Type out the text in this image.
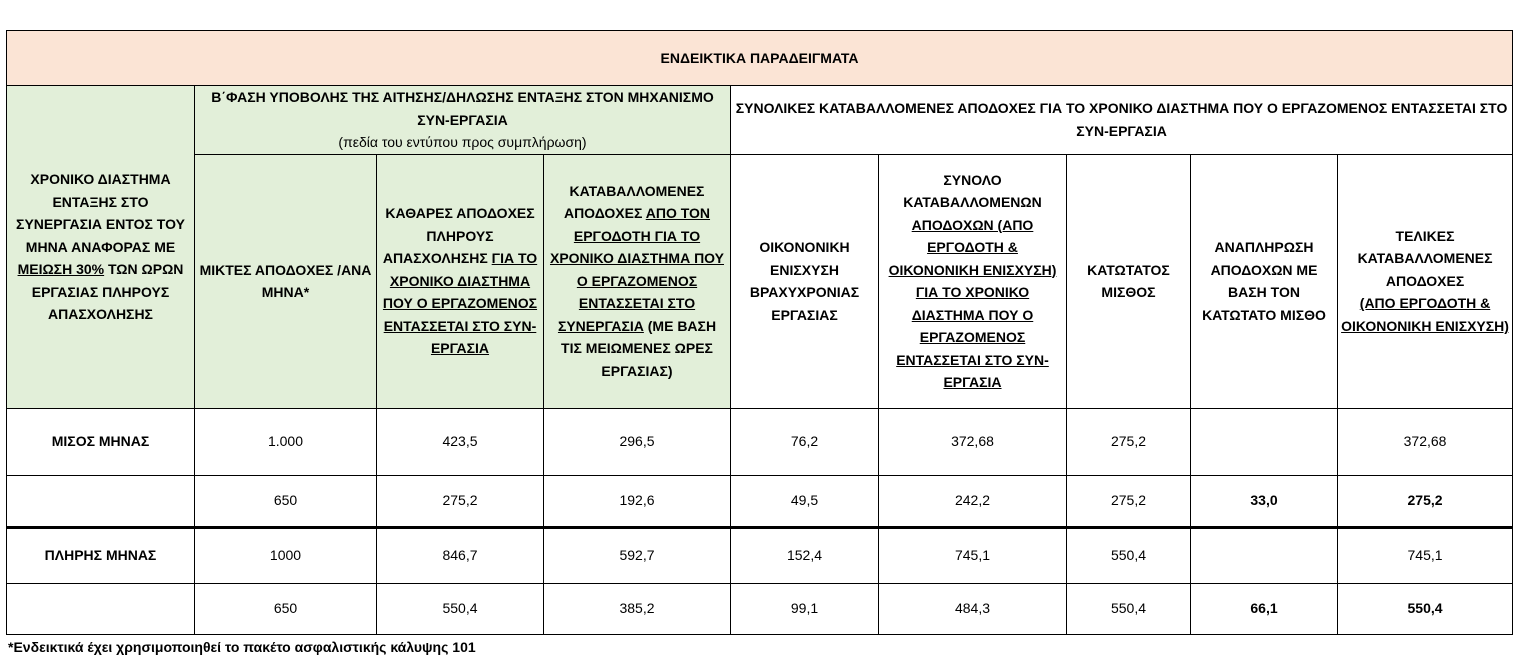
ΕΝΔΕΙΚΤΙΚΑ ΠΑΡΑΔΕΙΓΜΑΤΑ								
ΧΡΟΝΙΚΟ ΔΙΑΣΤΗΜΑ ΕΝΤΑΞΗΣ ΣΤΟ ΣΥΝΕΡΓΑΣΙΑ ΕΝΤΟΣ ΤΟΥ ΜΗΝΑ ΑΝΑΦΟΡΑΣ ΜΕ ΜΕΙΩΣΗ 30% ΤΩΝ ΩΡΩΝ ΕΡΓΑΣΙΑΣ ΠΛΗΡΟΥΣ ΑΠΑΣΧΟΛΗΣΗΣ	Β΄ΦΑΣΗ ΥΠΟΒΟΛΗΣ ΤΗΣ ΑΙΤΗΣΗΣ/ΔΗΛΩΣΗΣ ΕΝΤΑΞΗΣ ΣΤΟΝ ΜΗΧΑΝΙΣΜΟ ΣΥΝ-ΕΡΓΑΣΙΑ
(πεδία του εντύπου προς συμπλήρωση)			ΣΥΝΟΛΙΚΕΣ ΚΑΤΑΒΑΛΛΟΜΕΝΕΣ ΑΠΟΔΟΧΕΣ ΓΙΑ ΤΟ ΧΡΟΝΙΚΟ ΔΙΑΣΤΗΜΑ ΠΟΥ Ο ΕΡΓΑΖΟΜΕΝΟΣ ΕΝΤΑΣΣΕΤΑΙ ΣΤΟ ΣΥΝ-ΕΡΓΑΣΙΑ				
	ΜΙΚΤΕΣ ΑΠΟΔΟΧΕΣ /ΑΝΑ ΜΗΝΑ*	ΚΑΘΑΡΕΣ ΑΠΟΔΟΧΕΣ ΠΛΗΡΟΥΣ ΑΠΑΣΧΟΛΗΣΗΣ ΓΙΑ ΤΟ ΧΡΟΝΙΚΟ ΔΙΑΣΤΗΜΑ ΠΟΥ Ο ΕΡΓΑΖΟΜΕΝΟΣ ΕΝΤΑΣΣΕΤΑΙ ΣΤΟ ΣΥΝ-ΕΡΓΑΣΙΑ	ΚΑΤΑΒΑΛΛΟΜΕΝΕΣ ΑΠΟΔΟΧΕΣ ΑΠΟ ΤΟΝ ΕΡΓΟΔΟΤΗ ΓΙΑ ΤΟ ΧΡΟΝΙΚΟ ΔΙΑΣΤΗΜΑ ΠΟΥ Ο ΕΡΓΑΖΟΜΕΝΟΣ ΕΝΤΑΣΣΕΤΑΙ ΣΤΟ ΣΥΝΕΡΓΑΣΙΑ (ΜΕ ΒΑΣΗ ΤΙΣ ΜΕΙΩΜΕΝΕΣ ΩΡΕΣ ΕΡΓΑΣΙΑΣ)	ΟΙΚΟΝΟΝΙΚΗ ΕΝΙΣΧΥΣΗ ΒΡΑΧΥΧΡΟΝΙΑΣ ΕΡΓΑΣΙΑΣ	ΣΥΝΟΛΟ ΚΑΤΑΒΑΛΛΟΜΕΝΩΝ ΑΠΟΔΟΧΩΝ (ΑΠΟ ΕΡΓΟΔΟΤΗ & ΟΙΚΟΝΟΝΙΚΗ ΕΝΙΣΧΥΣΗ) ΓΙΑ ΤΟ ΧΡΟΝΙΚΟ ΔΙΑΣΤΗΜΑ ΠΟΥ Ο ΕΡΓΑΖΟΜΕΝΟΣ ΕΝΤΑΣΣΕΤΑΙ ΣΤΟ ΣΥΝ-ΕΡΓΑΣΙΑ	ΚΑΤΩΤΑΤΟΣ ΜΙΣΘΟΣ	ΑΝΑΠΛΗΡΩΣΗ ΑΠΟΔΟΧΩΝ ΜΕ ΒΑΣΗ ΤΟΝ ΚΑΤΩΤΑΤΟ ΜΙΣΘΟ	ΤΕΛΙΚΕΣ ΚΑΤΑΒΑΛΛΟΜΕΝΕΣ ΑΠΟΔΟΧΕΣ
(ΑΠΟ ΕΡΓΟΔΟΤΗ & ΟΙΚΟΝΟΝΙΚΗ ΕΝΙΣΧΥΣΗ)

ΜΙΣΟΣ ΜΗΝΑΣ	1.000	423,5	296,5	76,2	372,68	275,2		372,68
	650	275,2	192,6	49,5	242,2	275,2	33,0	275,2
ΠΛΗΡΗΣ ΜΗΝΑΣ	1000	846,7	592,7	152,4	745,1	550,4		745,1
	650	550,4	385,2	99,1	484,3	550,4	66,1	550,4
*Ενδεικτικά έχει χρησιμοποιηθεί το πακέτο ασφαλιστικής κάλυψης 101
